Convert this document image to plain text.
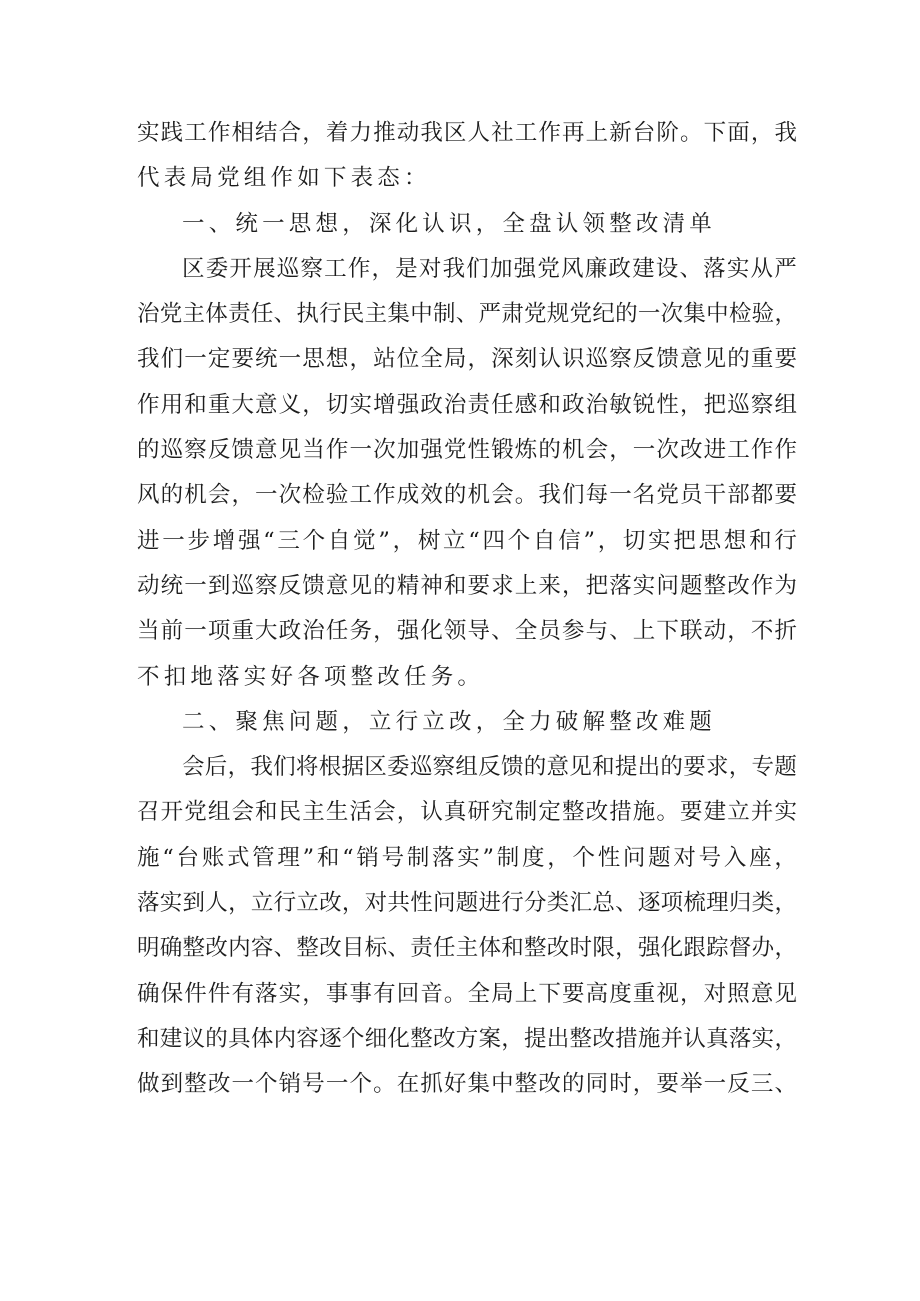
实 践 工 作 相 结 合 ， 着 力 推 动 我 区 人 社 工 作 再 上 新 台 阶 。 下 面 ， 我
代表局党组作如下表态：
一、统一思想，深化认识，全盘认领整改清单
区 委 开 展 巡 察 工 作 ， 是 对 我 们 加 强 党 风 廉 政 建 设 、 落 实 从 严
治 党 主 体 责 任 、 执 行 民 主 集 中 制 、 严 肃 党 规 党 纪 的 一 次 集 中 检 验 ，
我 们 一 定 要 统 一 思 想 ， 站 位 全 局 ， 深 刻 认 识 巡 察 反 馈 意 见 的 重 要
作 用 和 重 大 意 义 ， 切 实 增 强 政 治 责 任 感 和 政 治 敏 锐 性 ， 把 巡 察 组
的 巡 察 反 馈 意 见 当 作 一 次 加 强 党 性 锻 炼 的 机 会 ， 一 次 改 进 工 作 作
风 的 机 会 ， 一 次 检 验 工 作 成 效 的 机 会 。 我 们 每 一 名 党 员 干 部 都 要
进 一 步 增 强 “ 三 个 自 觉 ” ， 树 立 “ 四 个 自 信 ” ， 切 实 把 思 想 和 行
动 统 一 到 巡 察 反 馈 意 见 的 精 神 和 要 求 上 来 ， 把 落 实 问 题 整 改 作 为
当 前 一 项 重 大 政 治 任 务 ， 强 化 领 导 、 全 员 参 与 、 上 下 联 动 ， 不 折
不扣地落实好各项整改任务。
二、聚焦问题，立行立改，全力破解整改难题
会 后 ， 我 们 将 根 据 区 委 巡 察 组 反 馈 的 意 见 和 提 出 的 要 求 ， 专 题
召 开 党 组 会 和 民 主 生 活 会 ， 认 真 研 究 制 定 整 改 措 施 。 要 建 立 并 实
施 “ 台 账 式 管 理 ” 和 “ 销 号 制 落 实 ” 制 度 ， 个 性 问 题 对 号 入 座 ，
落 实 到 人 ， 立 行 立 改 ， 对 共 性 问 题 进 行 分 类 汇 总 、 逐 项 梳 理 归 类 ，
明 确 整 改 内 容 、 整 改 目 标 、 责 任 主 体 和 整 改 时 限 ， 强 化 跟 踪 督 办 ，
确 保 件 件 有 落 实 ， 事 事 有 回 音 。 全 局 上 下 要 高 度 重 视 ， 对 照 意 见
和 建 议 的 具 体 内 容 逐 个 细 化 整 改 方 案 ， 提 出 整 改 措 施 并 认 真 落 实 ，
做 到 整 改 一 个 销 号 一 个 。 在 抓 好 集 中 整 改 的 同 时 ， 要 举 一 反 三 、
